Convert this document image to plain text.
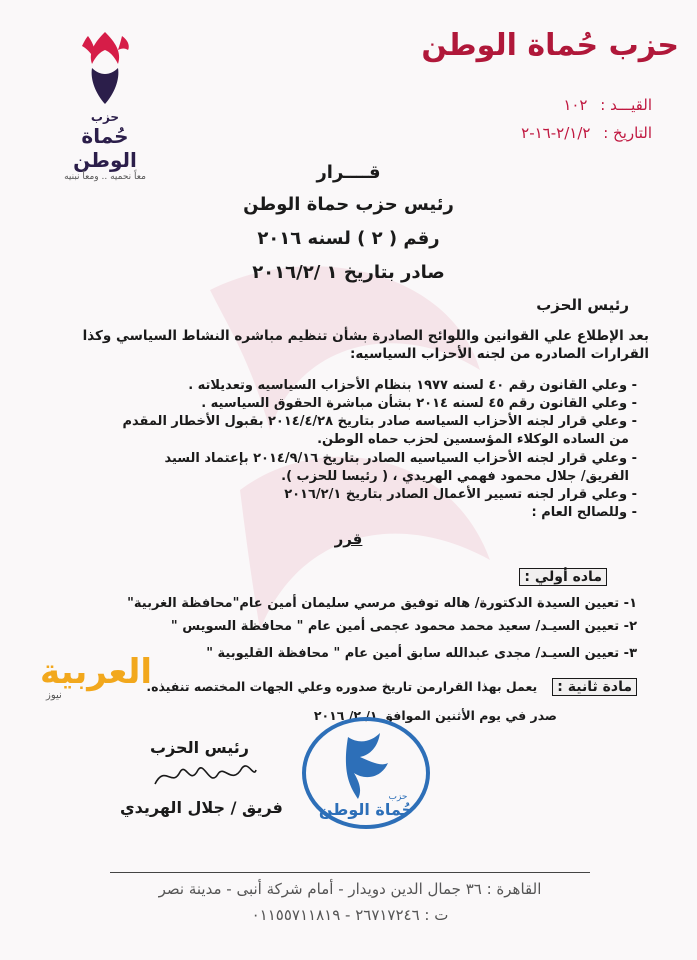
حزب حُماة الوطن
حزب
حُماة الوطن
معاً نحميه .. ومعاً نبنيه
القيـــد : ١٠٢
التاريخ : ٢/١/٢-١٦-٢
قــــرار
رئيس حزب حماة الوطن
رقم ( ٢ ) لسنه ٢٠١٦
صادر بتاريخ ١ /٢٠١٦/٢
رئيس الحزب
بعد الإطلاع علي القوانين واللوائح الصادرة بشأن تنظيم مباشره النشاط السياسي وكذا
القرارات الصادره من لجنه الأحزاب السياسيه:
- وعلي القانون رقم ٤٠ لسنه ١٩٧٧ بنظام الأحزاب السياسيه وتعديلاته .
- وعلي القانون رقم ٤٥ لسنه ٢٠١٤ بشأن مباشرة الحقوق السياسيه .
- وعلي قرار لجنه الأحزاب السياسه صادر بتاريخ ٢٠١٤/٤/٢٨ بقبول الأخطار المقدم
من الساده الوكلاء المؤسسين لحزب حماه الوطن.
- وعلي قرار لجنه الأحزاب السياسيه الصادر بتاريخ ٢٠١٤/٩/١٦ بإعتماد السيد
الفريق/ جلال محمود فهمي الهريدي ، ( رئيسا للحزب ).
- وعلي قرار لجنه تسيير الأعمال الصادر بتاريخ ٢٠١٦/٢/١
- وللصالح العام :
قرر
ماده أولي :
١- تعيين السيدة الدكتورة/ هاله توفيق مرسي سليمان أمين عام"محافظة الغربية"
٢- تعيين السيـد/ سعيد محمد محمود عجمى أمين عام " محافظة السويس "
٣- تعيين السيـد/ مجدى عبدالله سابق أمين عام " محافظة القليوبية "
مادة ثانية : يعمل بهذا القرارمن تاريخ صدوره وعلي الجهات المختصه تنفيذه.
صدر في يوم الأثنين الموافق ١/ ٢/ ٢٠١٦
العربية
نيوز
رئيس الحزب
فريق / جلال الهريدي حُماة الوطن
حزب
القاهرة : ٣٦ جمال الدين دويدار - أمام شركة أنبى - مدينة نصر
ت : ٢٦٧١٧٢٤٦ - ٠١١٥٥٧١١٨١٩
